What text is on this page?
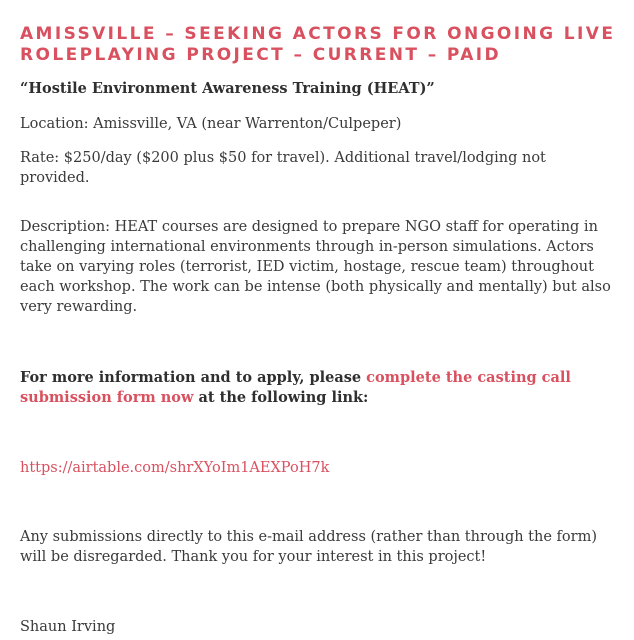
AMISSVILLE – SEEKING ACTORS FOR ONGOING LIVE ROLEPLAYING PROJECT – CURRENT – PAID
“Hostile Environment Awareness Training (HEAT)”
Location: Amissville, VA (near Warrenton/Culpeper)
Rate: $250/day ($200 plus $50 for travel). Additional travel/lodging not provided.
Description: HEAT courses are designed to prepare NGO staff for operating in challenging international environments through in-person simulations. Actors take on varying roles (terrorist, IED victim, hostage, rescue team) throughout each workshop. The work can be intense (both physically and mentally) but also very rewarding.
For more information and to apply, please complete the casting call submission form now at the following link:
https://airtable.com/shrXYoIm1AEXPoH7k
Any submissions directly to this e-mail address (rather than through the form) will be disregarded. Thank you for your interest in this project!
Shaun Irving
